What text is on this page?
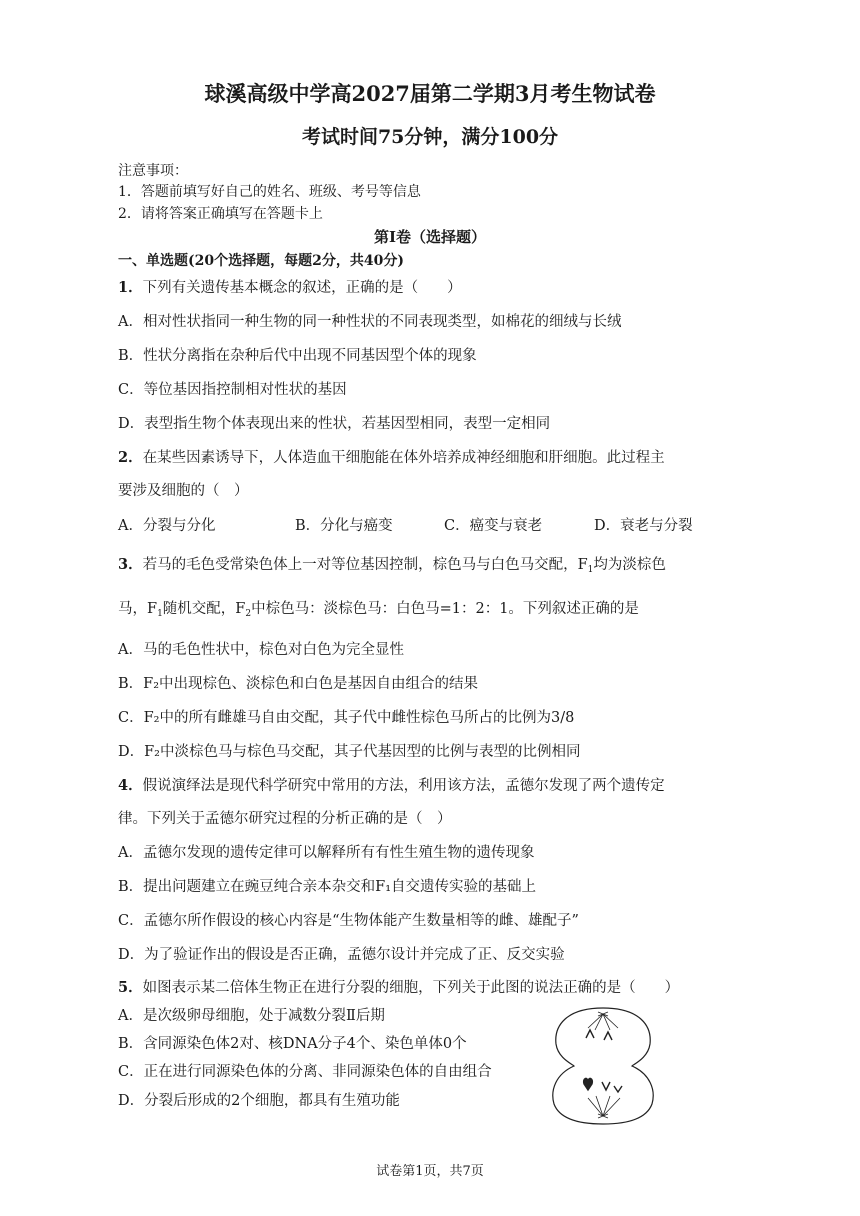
球溪高级中学高2027届第二学期3月考生物试卷
考试时间75分钟，满分100分
注意事项：
1．答题前填写好自己的姓名、班级、考号等信息
2．请将答案正确填写在答题卡上
第Ⅰ卷（选择题）
一、单选题(20个选择题，每题2分，共40分)
1．下列有关遗传基本概念的叙述，正确的是（　　）
A．相对性状指同一种生物的同一种性状的不同表现类型，如棉花的细绒与长绒
B．性状分离指在杂种后代中出现不同基因型个体的现象
C．等位基因指控制相对性状的基因
D．表型指生物个体表现出来的性状，若基因型相同，表型一定相同
2．在某些因素诱导下，人体造血干细胞能在体外培养成神经细胞和肝细胞。此过程主
要涉及细胞的（　）
A．分裂与分化	B．分化与癌变	C．癌变与衰老	D．衰老与分裂
3．若马的毛色受常染色体上一对等位基因控制，棕色马与白色马交配，$F_1$均为淡棕色
马，$F_1$随机交配，$F_2$中棕色马：淡棕色马：白色马=1：2：1。下列叙述正确的是
A．马的毛色性状中，棕色对白色为完全显性
B．F₂中出现棕色、淡棕色和白色是基因自由组合的结果
C．F₂中的所有雌雄马自由交配，其子代中雌性棕色马所占的比例为3/8
D．F₂中淡棕色马与棕色马交配，其子代基因型的比例与表型的比例相同
4．假说演绎法是现代科学研究中常用的方法，利用该方法，孟德尔发现了两个遗传定
律。下列关于孟德尔研究过程的分析正确的是（　）
A．孟德尔发现的遗传定律可以解释所有有性生殖生物的遗传现象
B．提出问题建立在豌豆纯合亲本杂交和F₁自交遗传实验的基础上
C．孟德尔所作假设的核心内容是“生物体能产生数量相等的雌、雄配子”
D．为了验证作出的假设是否正确，孟德尔设计并完成了正、反交实验
5．如图表示某二倍体生物正在进行分裂的细胞，下列关于此图的说法正确的是（　　）
A．是次级卵母细胞，处于减数分裂Ⅱ后期
B．含同源染色体2对、核DNA分子4个、染色单体0个
C．正在进行同源染色体的分离、非同源染色体的自由组合
D．分裂后形成的2个细胞，都具有生殖功能
试卷第1页，共7页
